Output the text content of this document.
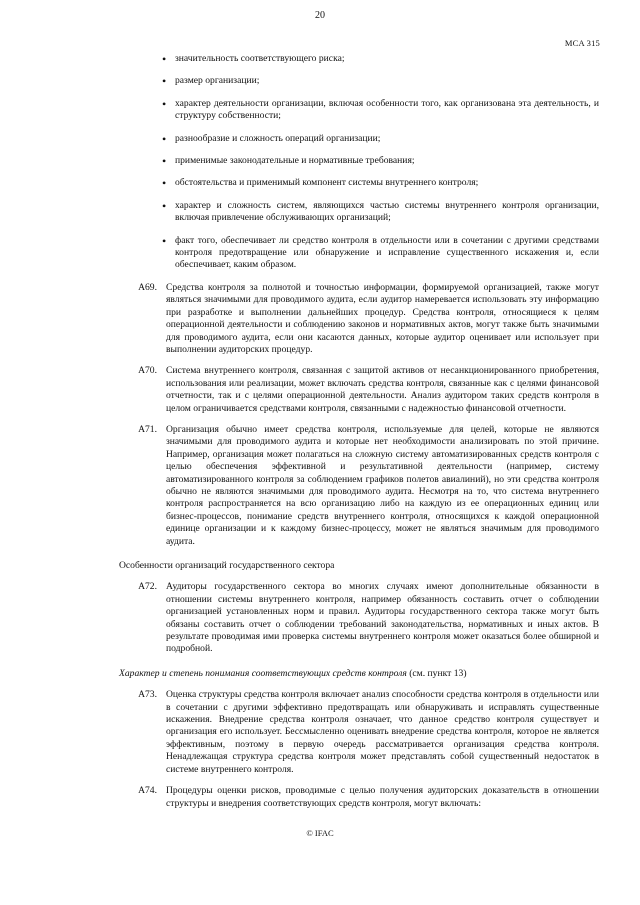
20
MCA 315
• значительность соответствующего риска;
• размер организации;
• характер деятельности организации, включая особенности того, как организована эта деятельность, и структуру собственности;
• разнообразие и сложность операций организации;
• применимые законодательные и нормативные требования;
• обстоятельства и применимый компонент системы внутреннего контроля;
• характер и сложность систем, являющихся частью системы внутреннего контроля организации, включая привлечение обслуживающих организаций;
• факт того, обеспечивает ли средство контроля в отдельности или в сочетании с другими средствами контроля предотвращение или обнаружение и исправление существенного искажения и, если обеспечивает, каким образом.
A69. Средства контроля за полнотой и точностью информации, формируемой организацией, также могут являться значимыми для проводимого аудита, если аудитор намеревается использовать эту информацию при разработке и выполнении дальнейших процедур. Средства контроля, относящиеся к целям операционной деятельности и соблюдению законов и нормативных актов, могут также быть значимыми для проводимого аудита, если они касаются данных, которые аудитор оценивает или использует при выполнении аудиторских процедур.
A70. Система внутреннего контроля, связанная с защитой активов от несанкционированного приобретения, использования или реализации, может включать средства контроля, связанные как с целями финансовой отчетности, так и с целями операционной деятельности. Анализ аудитором таких средств контроля в целом ограничивается средствами контроля, связанными с надежностью финансовой отчетности.
A71. Организация обычно имеет средства контроля, используемые для целей, которые не являются значимыми для проводимого аудита и которые нет необходимости анализировать по этой причине. Например, организация может полагаться на сложную систему автоматизированных средств контроля с целью обеспечения эффективной и результативной деятельности (например, систему автоматизированного контроля за соблюдением графиков полетов авиалиний), но эти средства контроля обычно не являются значимыми для проводимого аудита. Несмотря на то, что система внутреннего контроля распространяется на всю организацию либо на каждую из ее операционных единиц или бизнес-процессов, понимание средств внутреннего контроля, относящихся к каждой операционной единице организации и к каждому бизнес-процессу, может не являться значимым для проводимого аудита.
Особенности организаций государственного сектора
A72. Аудиторы государственного сектора во многих случаях имеют дополнительные обязанности в отношении системы внутреннего контроля, например обязанность составить отчет о соблюдении организацией установленных норм и правил. Аудиторы государственного сектора также могут быть обязаны составить отчет о соблюдении требований законодательства, нормативных и иных актов. В результате проводимая ими проверка системы внутреннего контроля может оказаться более обширной и подробной.
Характер и степень понимания соответствующих средств контроля (см. пункт 13)
A73. Оценка структуры средства контроля включает анализ способности средства контроля в отдельности или в сочетании с другими эффективно предотвращать или обнаруживать и исправлять существенные искажения. Внедрение средства контроля означает, что данное средство контроля существует и организация его использует. Бессмысленно оценивать внедрение средства контроля, которое не является эффективным, поэтому в первую очередь рассматривается организация средства контроля. Ненадлежащая структура средства контроля может представлять собой существенный недостаток в системе внутреннего контроля.
A74. Процедуры оценки рисков, проводимые с целью получения аудиторских доказательств в отношении структуры и внедрения соответствующих средств контроля, могут включать:
© IFAC
